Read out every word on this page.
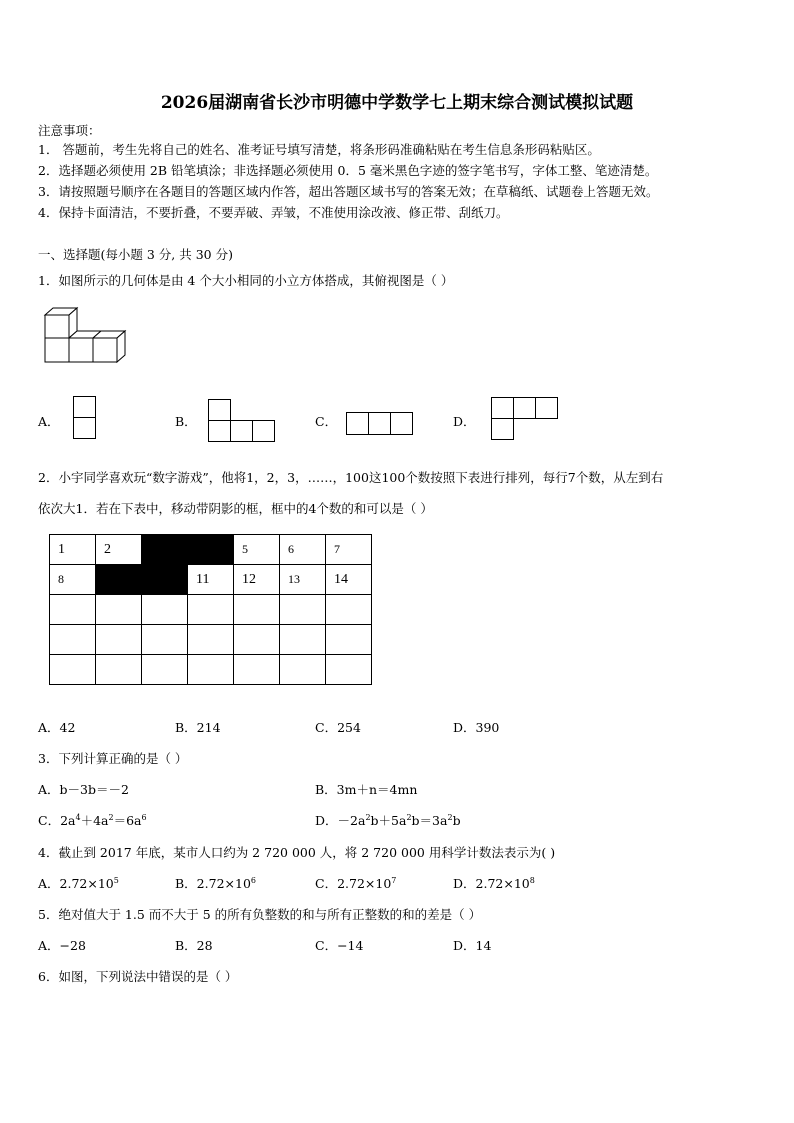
2026届湖南省长沙市明德中学数学七上期末综合测试模拟试题
注意事项：
1． 答题前，考生先将自己的姓名、准考证号填写清楚，将条形码准确粘贴在考生信息条形码粘贴区。
2．选择题必须使用 2B 铅笔填涂；非选择题必须使用 0．5 毫米黑色字迹的签字笔书写，字体工整、笔迹清楚。
3．请按照题号顺序在各题目的答题区域内作答，超出答题区域书写的答案无效；在草稿纸、试题卷上答题无效。
4．保持卡面清洁，不要折叠，不要弄破、弄皱，不准使用涂改液、修正带、刮纸刀。
一、选择题(每小题 3 分, 共 30 分)
1．如图所示的几何体是由 4 个大小相同的小立方体搭成，其俯视图是（ ）
A．	B．	C．	D．
2．小宇同学喜欢玩“数字游戏”，他将1，2，3，……，100这100个数按照下表进行排列，每行7个数，从左到右
依次大1．若在下表中，移动带阴影的框，框中的4个数的和可以是（ ）
1	2			5	6	7
8			11	12	13	14

A．42	B．214	C．254	D．390
3．下列计算正确的是（ ）
A．b－3b＝－2	B．3m＋n＝4mn
C．$2a^4+4a^2=6a^6$	D．$-2a^2b+5a^2b=3a^2b$
4．截止到 2017 年底，某市人口约为 2 720 000 人，将 2 720 000 用科学计数法表示为( )
A．$2.72\times 10^5$	B．$2.72\times 10^6$	C．$2.72\times 10^7$	D．$2.72\times 10^8$
5．绝对值大于 1.5 而不大于 5 的所有负整数的和与所有正整数的和的差是（ ）
A．−28	B．28	C．−14	D．14
6．如图，下列说法中错误的是（ ）
